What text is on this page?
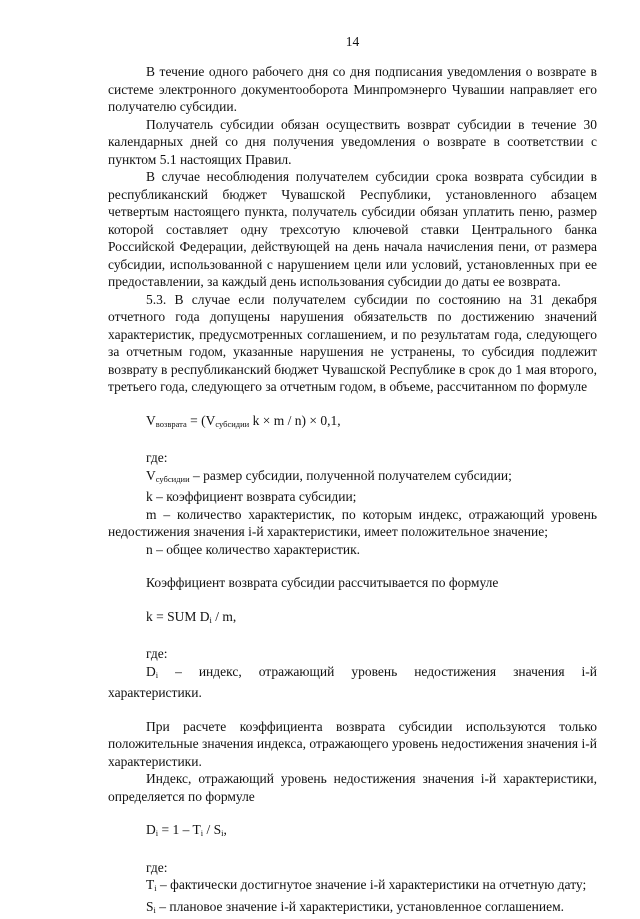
14

В течение одного рабочего дня со дня подписания уведомления о возврате в системе электронного документооборота Минпромэнерго Чувашии направляет его получателю субсидии.

Получатель субсидии обязан осуществить возврат субсидии в течение 30 календарных дней со дня получения уведомления о возврате в соответствии с пунктом 5.1 настоящих Правил.

В случае несоблюдения получателем субсидии срока возврата субсидии в республиканский бюджет Чувашской Республики, установленного абзацем четвертым настоящего пункта, получатель субсидии обязан уплатить пеню, размер которой составляет одну трехсотую ключевой ставки Центрального банка Российской Федерации, действующей на день начала начисления пени, от размера субсидии, использованной с нарушением цели или условий, установленных при ее предоставлении, за каждый день использования субсидии до даты ее возврата.

5.3. В случае если получателем субсидии по состоянию на 31 декабря отчетного года допущены нарушения обязательств по достижению значений характеристик, предусмотренных соглашением, и по результатам года, следующего за отчетным годом, указанные нарушения не устранены, то субсидия подлежит возврату в республиканский бюджет Чувашской Республике в срок до 1 мая второго, третьего года, следующего за отчетным годом, в объеме, рассчитанном по формуле

$V_{возврата} = (V_{субсидии}$ k × m / n) × 0,1,

где:

$V_{субсидии}$ – размер субсидии, полученной получателем субсидии;

k – коэффициент возврата субсидии;

m – количество характеристик, по которым индекс, отражающий уровень недостижения значения i-й характеристики, имеет положительное значение;

n – общее количество характеристик.

Коэффициент возврата субсидии рассчитывается по формуле

k = SUM $D_i$ / m,

где:

$D_i$ – индекс, отражающий уровень недостижения значения i-й характеристики.

При расчете коэффициента возврата субсидии используются только положительные значения индекса, отражающего уровень недостижения значения i-й характеристики.

Индекс, отражающий уровень недостижения значения i-й характеристики, определяется по формуле

$D_i = 1 - T_i / S_i$,

где:

$T_i$ – фактически достигнутое значение i-й характеристики на отчетную дату;

$S_i$ – плановое значение i-й характеристики, установленное соглашением.
